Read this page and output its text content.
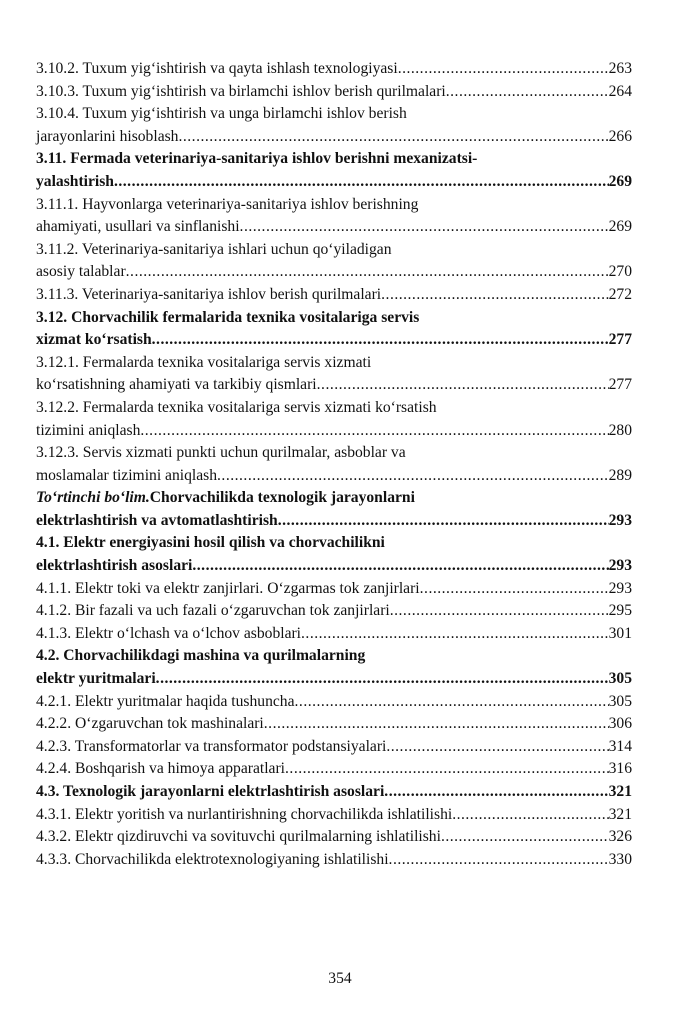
3.10.2. Tuxum yig‘ishtirish va qayta ishlash texnologiyasi .....	263
3.10.3. Tuxum yig‘ishtirish va birlamchi ishlov berish qurilmalari .....	264
3.10.4. Tuxum yig‘ishtirish va unga birlamchi ishlov berish
jarayonlarini hisoblash .....	266
3.11. Fermada veterinariya-sanitariya ishlov berishni mexanizatsi-
yalashtirish .....	269
3.11.1. Hayvonlarga veterinariya-sanitariya ishlov berishning
ahamiyati, usullari va sinflanishi .....	269
3.11.2. Veterinariya-sanitariya ishlari uchun qo‘yiladigan
asosiy talablar .....	270
3.11.3. Veterinariya-sanitariya ishlov berish qurilmalari .....	272
3.12. Chorvachilik fermalarida texnika vositalariga servis
xizmat ko‘rsatish .....	277
3.12.1. Fermalarda texnika vositalariga servis xizmati
ko‘rsatishning ahamiyati va tarkibiy qismlari .....	277
3.12.2. Fermalarda texnika vositalariga servis xizmati ko‘rsatish
tizimini aniqlash .....	280
3.12.3. Servis xizmati punkti uchun qurilmalar, asboblar va
moslamalar tizimini aniqlash .....	289
To‘rtinchi bo‘lim. Chorvachilikda texnologik jarayonlarni
elektrlashtirish va avtomatlashtirish .....	293
4.1. Elektr energiyasini hosil qilish va chorvachilikni
elektrlashtirish asoslari .....	293
4.1.1. Elektr toki va elektr zanjirlari. O‘zgarmas tok zanjirlari .....	293
4.1.2. Bir fazali va uch fazali o‘zgaruvchan tok zanjirlari .....	295
4.1.3. Elektr o‘lchash va o‘lchov asboblari .....	301
4.2. Chorvachilikdagi mashina va qurilmalarning
elektr yuritmalari .....	305
4.2.1. Elektr yuritmalar haqida tushuncha .....	305
4.2.2. O‘zgaruvchan tok mashinalari .....	306
4.2.3. Transformatorlar va transformator podstansiyalari .....	314
4.2.4. Boshqarish va himoya apparatlari .....	316
4.3. Texnologik jarayonlarni elektrlashtirish asoslari .....	321
4.3.1. Elektr yoritish va nurlantirishning chorvachilikda ishlatilishi .....	321
4.3.2. Elektr qizdiruvchi va sovituvchi qurilmalarning ishlatilishi .....	326
4.3.3. Chorvachilikda elektrotexnologiyaning ishlatilishi .....	330
354
